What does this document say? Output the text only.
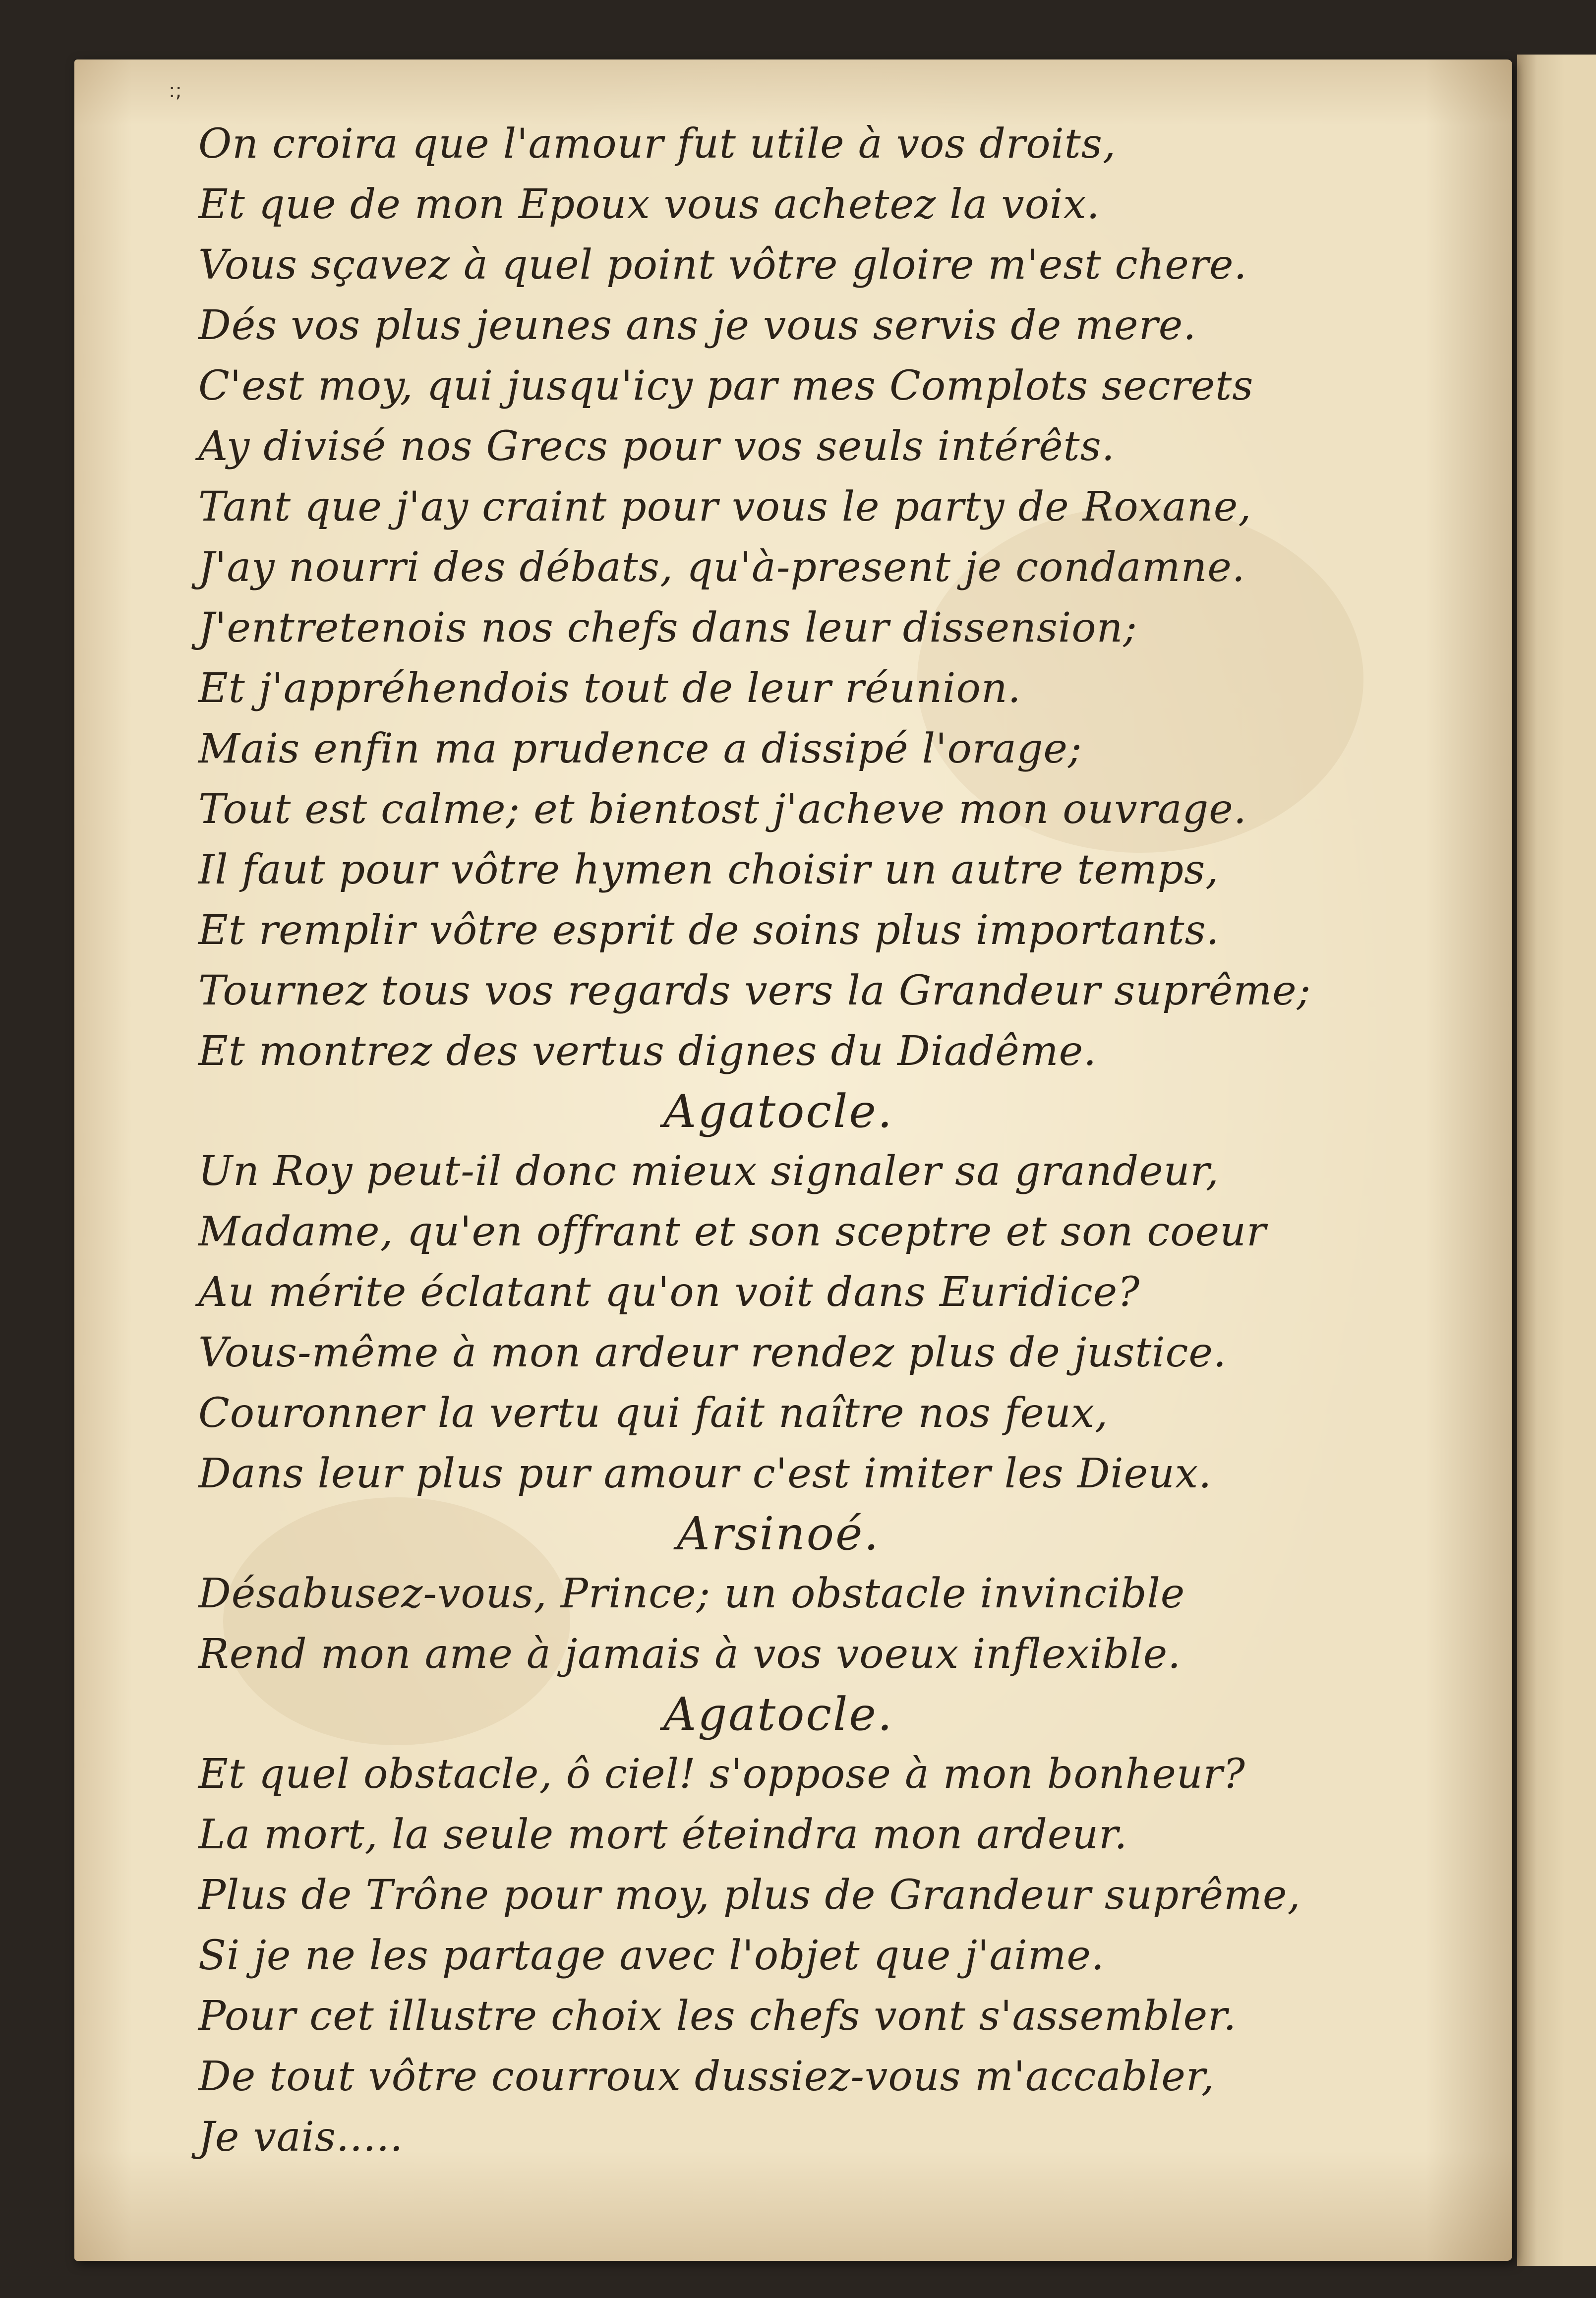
:;
On croira que l'amour fut utile à vos droits,
Et que de mon Epoux vous achetez la voix.
Vous sçavez à quel point vôtre gloire m'est chere.
Dés vos plus jeunes ans je vous servis de mere.
C'est moy, qui jusqu'icy par mes Complots secrets
Ay divisé nos Grecs pour vos seuls intérêts.
Tant que j'ay craint pour vous le party de Roxane,
J'ay nourri des débats, qu'à-present je condamne.
J'entretenois nos chefs dans leur dissension;
Et j'appréhendois tout de leur réunion.
Mais enfin ma prudence a dissipé l'orage;
Tout est calme; et bientost j'acheve mon ouvrage.
Il faut pour vôtre hymen choisir un autre temps,
Et remplir vôtre esprit de soins plus importants.
Tournez tous vos regards vers la Grandeur suprême;
Et montrez des vertus dignes du Diadême.
Agatocle.
Un Roy peut-il donc mieux signaler sa grandeur,
Madame, qu'en offrant et son sceptre et son coeur
Au mérite éclatant qu'on voit dans Euridice?
Vous-même à mon ardeur rendez plus de justice.
Couronner la vertu qui fait naître nos feux,
Dans leur plus pur amour c'est imiter les Dieux.
Arsinoé.
Désabusez-vous, Prince; un obstacle invincible
Rend mon ame à jamais à vos voeux inflexible.
Agatocle.
Et quel obstacle, ô ciel! s'oppose à mon bonheur?
La mort, la seule mort éteindra mon ardeur.
Plus de Trône pour moy, plus de Grandeur suprême,
Si je ne les partage avec l'objet que j'aime.
Pour cet illustre choix les chefs vont s'assembler.
De tout vôtre courroux dussiez-vous m'accabler,
Je vais.....
